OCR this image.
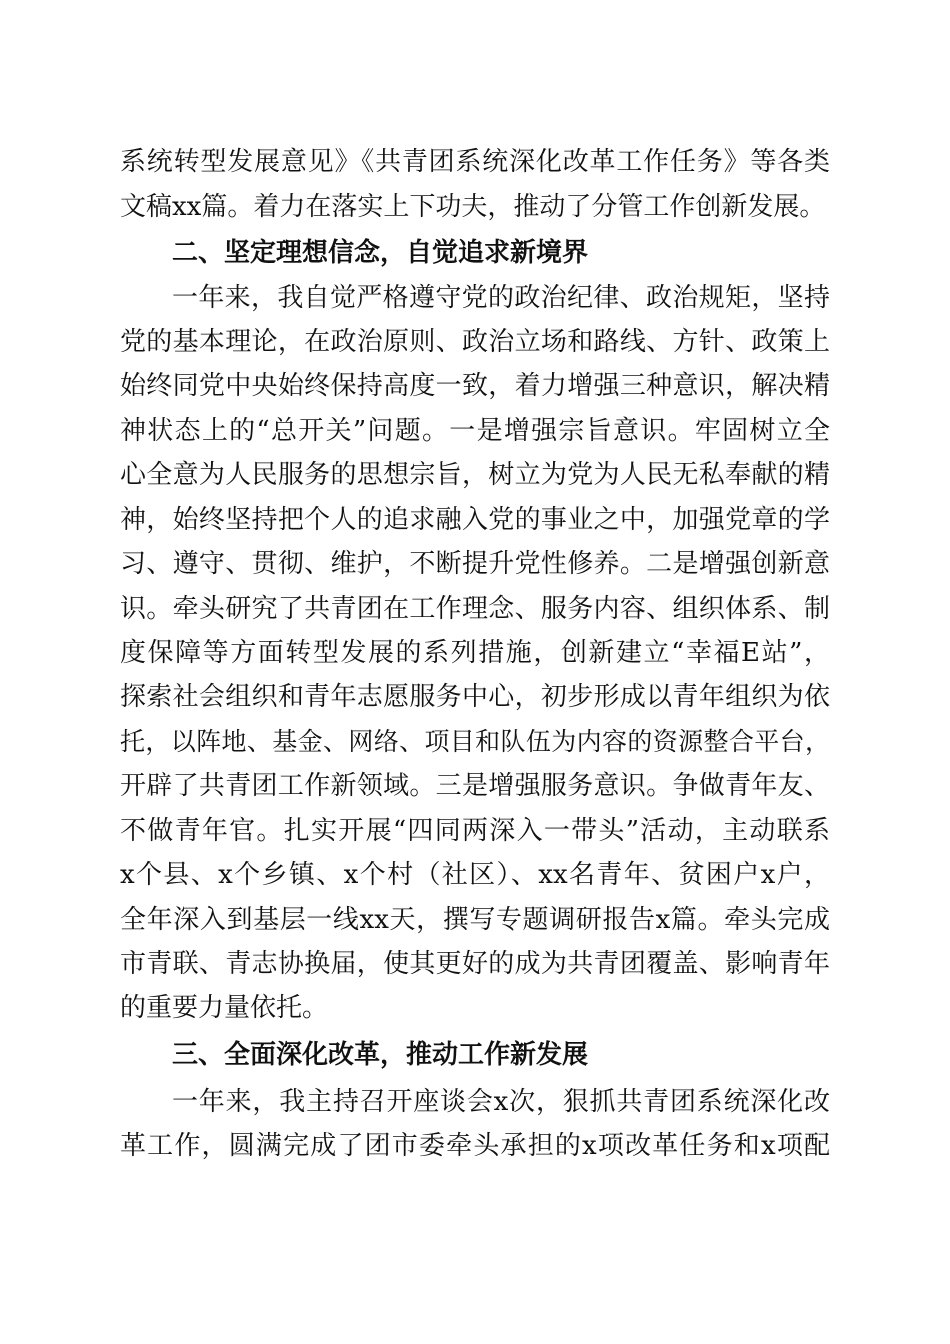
系统转型发展意见》《共青团系统深化改革工作任务》等各类
文稿xx篇。着力在落实上下功夫，推动了分管工作创新发展。
二、坚定理想信念，自觉追求新境界
一年来，我自觉严格遵守党的政治纪律、政治规矩，坚持
党的基本理论，在政治原则、政治立场和路线、方针、政策上
始终同党中央始终保持高度一致，着力增强三种意识，解决精
神状态上的“总开关”问题。一是增强宗旨意识。牢固树立全
心全意为人民服务的思想宗旨，树立为党为人民无私奉献的精
神，始终坚持把个人的追求融入党的事业之中，加强党章的学
习、遵守、贯彻、维护，不断提升党性修养。二是增强创新意
识。牵头研究了共青团在工作理念、服务内容、组织体系、制
度保障等方面转型发展的系列措施，创新建立“幸福E站”，
探索社会组织和青年志愿服务中心，初步形成以青年组织为依
托，以阵地、基金、网络、项目和队伍为内容的资源整合平台，
开辟了共青团工作新领域。三是增强服务意识。争做青年友、
不做青年官。扎实开展“四同两深入一带头”活动，主动联系
x个县、x个乡镇、x个村（社区）、xx名青年、贫困户x户，
全年深入到基层一线xx天，撰写专题调研报告x篇。牵头完成
市青联、青志协换届，使其更好的成为共青团覆盖、影响青年
的重要力量依托。
三、全面深化改革，推动工作新发展
一年来，我主持召开座谈会x次，狠抓共青团系统深化改
革工作，圆满完成了团市委牵头承担的x项改革任务和x项配
